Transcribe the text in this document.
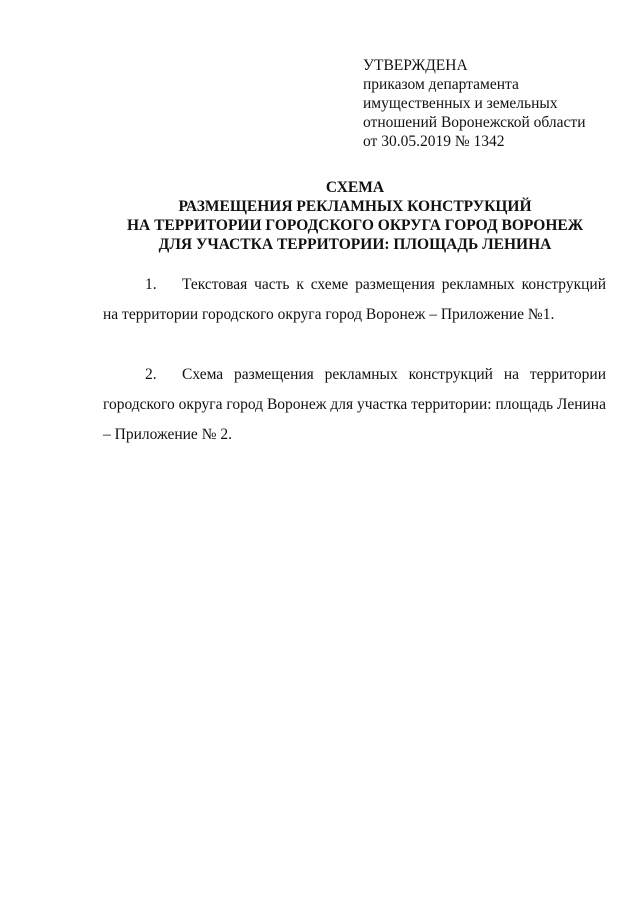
УТВЕРЖДЕНА
приказом департамента
имущественных и земельных
отношений Воронежской области
от 30.05.2019 № 1342
СХЕМА
РАЗМЕЩЕНИЯ РЕКЛАМНЫХ КОНСТРУКЦИЙ
НА ТЕРРИТОРИИ ГОРОДСКОГО ОКРУГА ГОРОД ВОРОНЕЖ
ДЛЯ УЧАСТКА ТЕРРИТОРИИ: ПЛОЩАДЬ ЛЕНИНА
1. Текстовая часть к схеме размещения рекламных конструкций на территории городского округа город Воронеж – Приложение №1.
2. Схема размещения рекламных конструкций на территории городского округа город Воронеж для участка территории: площадь Ленина – Приложение № 2.
